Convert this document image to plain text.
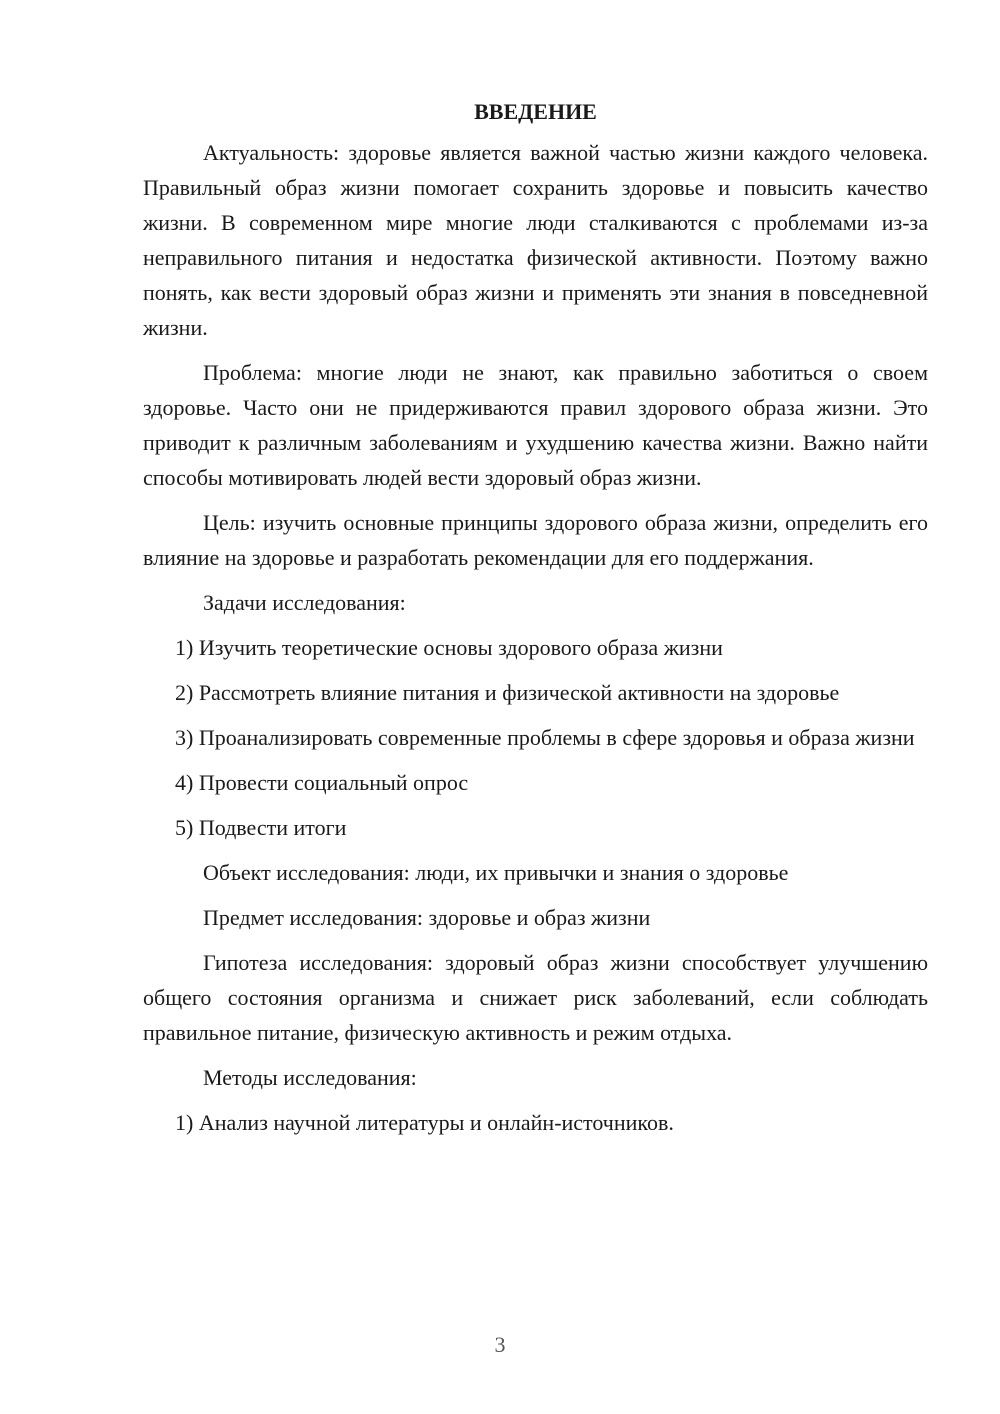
ВВЕДЕНИЕ

Актуальность: здоровье является важной частью жизни каждого человека. Правильный образ жизни помогает сохранить здоровье и повысить качество жизни. В современном мире многие люди сталкиваются с проблемами из-за неправильного питания и недостатка физической активности. Поэтому важно понять, как вести здоровый образ жизни и применять эти знания в повседневной жизни.

Проблема: многие люди не знают, как правильно заботиться о своем здоровье. Часто они не придерживаются правил здорового образа жизни. Это приводит к различным заболеваниям и ухудшению качества жизни. Важно найти способы мотивировать людей вести здоровый образ жизни.

Цель: изучить основные принципы здорового образа жизни, определить его влияние на здоровье и разработать рекомендации для его поддержания.

Задачи исследования:

1) Изучить теоретические основы здорового образа жизни

2) Рассмотреть влияние питания и физической активности на здоровье

3) Проанализировать современные проблемы в сфере здоровья и образа жизни

4) Провести социальный опрос

5) Подвести итоги

Объект исследования: люди, их привычки и знания о здоровье

Предмет исследования: здоровье и образ жизни

Гипотеза исследования: здоровый образ жизни способствует улучшению общего состояния организма и снижает риск заболеваний, если соблюдать правильное питание, физическую активность и режим отдыха.

Методы исследования:

1) Анализ научной литературы и онлайн-источников.

3
